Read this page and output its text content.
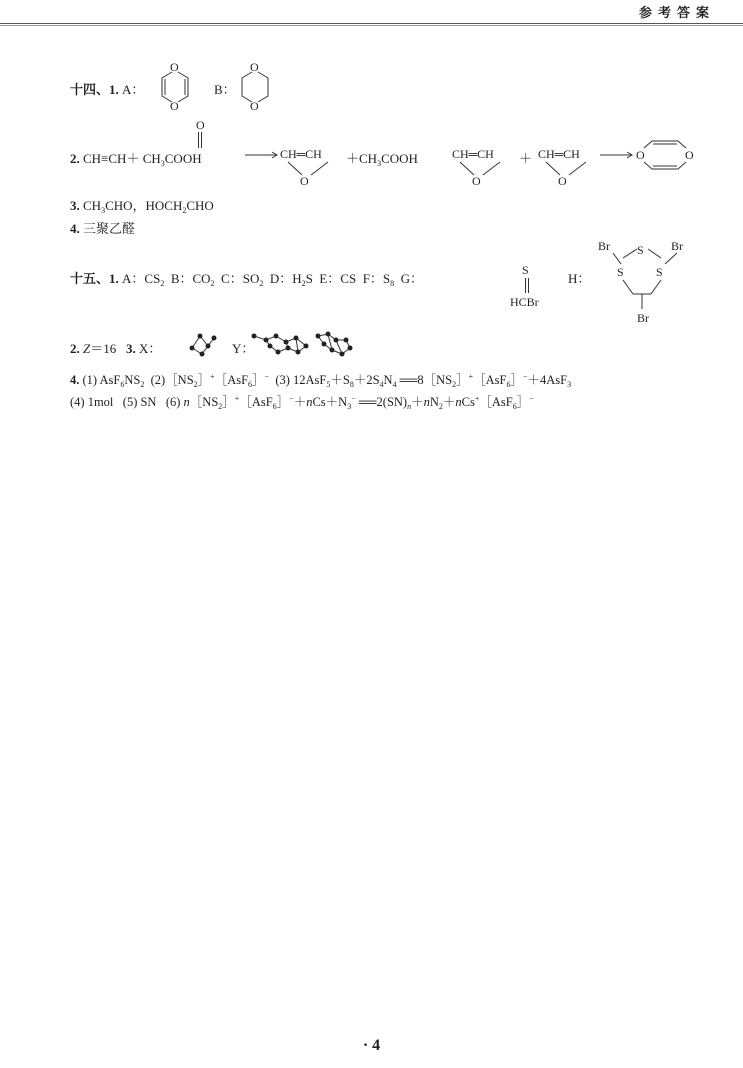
参考答案
十四、1. A：
O
O
B：
O
O
2. $CH\equiv CH+ CH_3COOH$
O
→ CH═CH
O
$+CH_3COOH$	CH═CH
O
＋ CH═CH
O
→ O	O
3. $CH_3CHO$，$HOCH_2CHO$
4. 三聚乙醛
十五、1. A：$CS_2$ B：$CO_2$ C：$SO_2$ D：$H_2S$ E：CS F：$S_8$ G：
S
HCBr
H：
Br	Br
S
S	S
Br
2. Z＝16 3. X：	Y：
4. (1) $AsF_6NS_2$ $(2)[NS_2]^+[AsF_6]^-$ (3) $12AsF_5+S_8+2S_4N_4$ $══8[NS_2]^+[AsF_6]^-+4AsF_3$
(4) 1mol (5) SN (6) $n[NS_2]^+[AsF_6]^-+nCs+N_3^-$ $══2(SN)_n+nN_2+nCs^+[AsF_6]^-$
· 4
